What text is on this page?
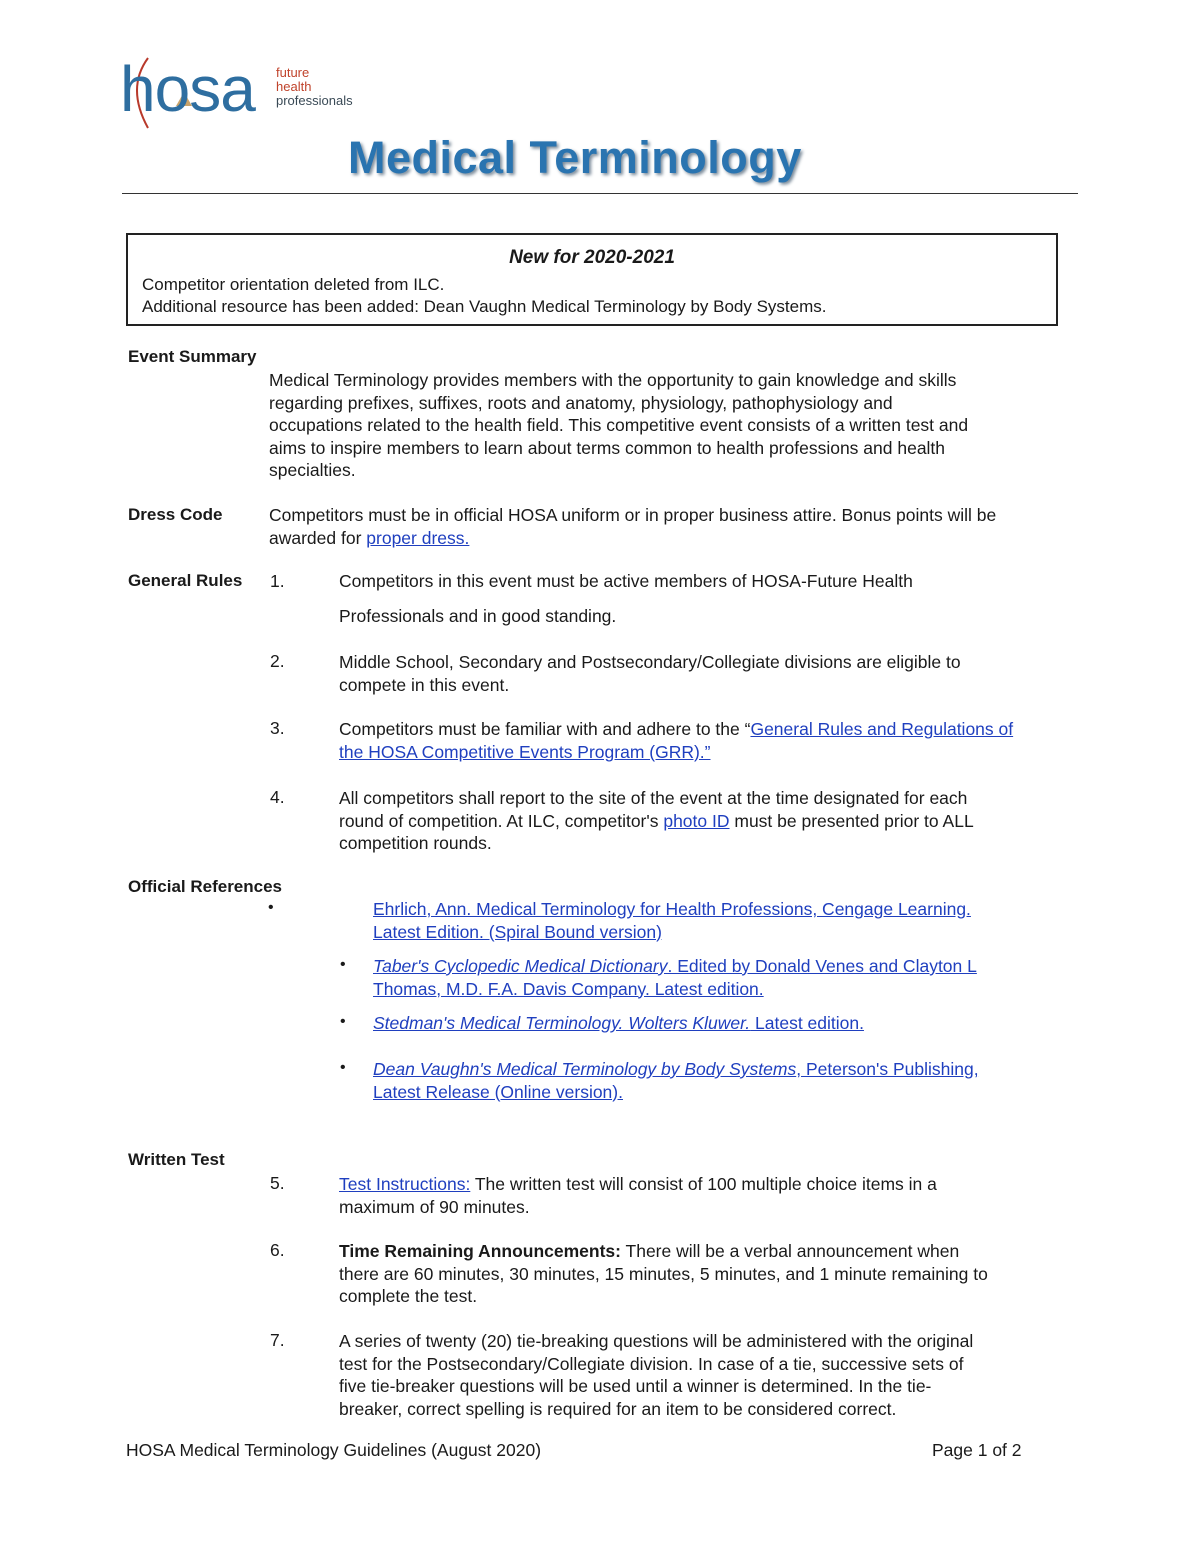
hosa future
health
professionals
Medical Terminology
New for 2020-2021
Competitor orientation deleted from ILC.
Additional resource has been added: Dean Vaughn Medical Terminology by Body Systems.
Event Summary
Medical Terminology provides members with the opportunity to gain knowledge and skills
regarding prefixes, suffixes, roots and anatomy, physiology, pathophysiology and
occupations related to the health field. This competitive event consists of a written test and
aims to inspire members to learn about terms common to health professions and health
specialties.
Dress Code	Competitors must be in official HOSA uniform or in proper business attire. Bonus points will be
awarded for proper dress.
General Rules 1.	Competitors in this event must be active members of HOSA-Future Health
Professionals and in good standing.
2.	Middle School, Secondary and Postsecondary/Collegiate divisions are eligible to
compete in this event.
3.	Competitors must be familiar with and adhere to the “General Rules and Regulations of
the HOSA Competitive Events Program (GRR).”
4.	All competitors shall report to the site of the event at the time designated for each
round of competition. At ILC, competitor's photo ID must be presented prior to ALL
competition rounds.
Official References
•	Ehrlich, Ann. Medical Terminology for Health Professions, Cengage Learning.
Latest Edition. (Spiral Bound version)
• Taber's Cyclopedic Medical Dictionary. Edited by Donald Venes and Clayton L
Thomas, M.D. F.A. Davis Company. Latest edition.
• Stedman's Medical Terminology. Wolters Kluwer. Latest edition.
• Dean Vaughn's Medical Terminology by Body Systems, Peterson's Publishing,
Latest Release (Online version).
Written Test
5.	Test Instructions: The written test will consist of 100 multiple choice items in a
maximum of 90 minutes.
6.	Time Remaining Announcements: There will be a verbal announcement when
there are 60 minutes, 30 minutes, 15 minutes, 5 minutes, and 1 minute remaining to
complete the test.
7.	A series of twenty (20) tie-breaking questions will be administered with the original
test for the Postsecondary/Collegiate division. In case of a tie, successive sets of
five tie-breaker questions will be used until a winner is determined. In the tie-
breaker, correct spelling is required for an item to be considered correct.
HOSA Medical Terminology Guidelines (August 2020)	Page 1 of 2
